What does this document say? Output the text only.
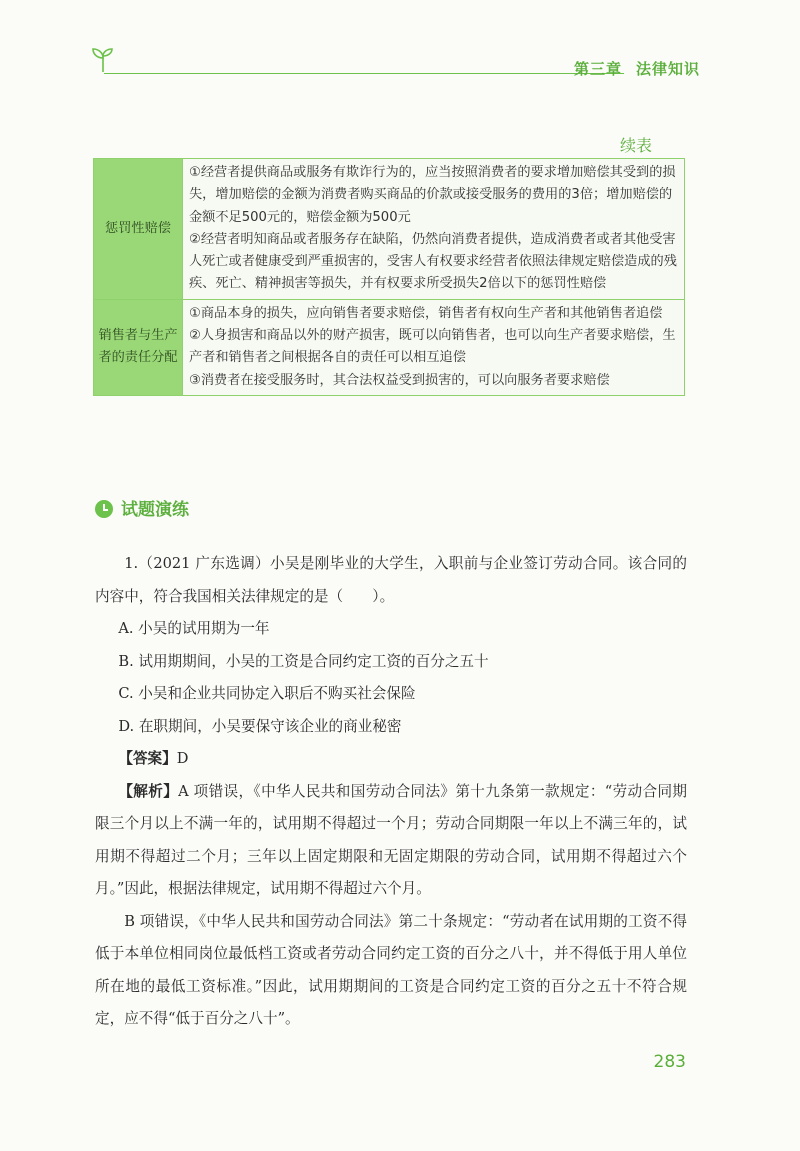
第三章 法律知识
续表
惩罚性赔偿	①经营者提供商品或服务有欺诈行为的，应当按照消费者的要求增加赔偿其受到的损失，增加赔偿的金额为消费者购买商品的价款或接受服务的费用的3倍；增加赔偿的金额不足500元的，赔偿金额为500元
②经营者明知商品或者服务存在缺陷，仍然向消费者提供，造成消费者或者其他受害人死亡或者健康受到严重损害的，受害人有权要求经营者依照法律规定赔偿造成的残疾、死亡、精神损害等损失，并有权要求所受损失2倍以下的惩罚性赔偿

销售者与生产者的责任分配	①商品本身的损失，应向销售者要求赔偿，销售者有权向生产者和其他销售者追偿
②人身损害和商品以外的财产损害，既可以向销售者，也可以向生产者要求赔偿，生产者和销售者之间根据各自的责任可以相互追偿
③消费者在接受服务时，其合法权益受到损害的，可以向服务者要求赔偿
试题演练

1.（2021 广东选调）小吴是刚毕业的大学生，入职前与企业签订劳动合同。该合同的内容中，符合我国相关法律规定的是（　　）。

A. 小吴的试用期为一年

B. 试用期期间，小吴的工资是合同约定工资的百分之五十

C. 小吴和企业共同协定入职后不购买社会保险

D. 在职期间，小吴要保守该企业的商业秘密

【答案】D

【解析】A 项错误，《中华人民共和国劳动合同法》第十九条第一款规定：“劳动合同期限三个月以上不满一年的，试用期不得超过一个月；劳动合同期限一年以上不满三年的，试用期不得超过二个月；三年以上固定期限和无固定期限的劳动合同，试用期不得超过六个月。”因此，根据法律规定，试用期不得超过六个月。

B 项错误，《中华人民共和国劳动合同法》第二十条规定：“劳动者在试用期的工资不得低于本单位相同岗位最低档工资或者劳动合同约定工资的百分之八十，并不得低于用人单位所在地的最低工资标准。”因此，试用期期间的工资是合同约定工资的百分之五十不符合规定，应不得“低于百分之八十”。

283
